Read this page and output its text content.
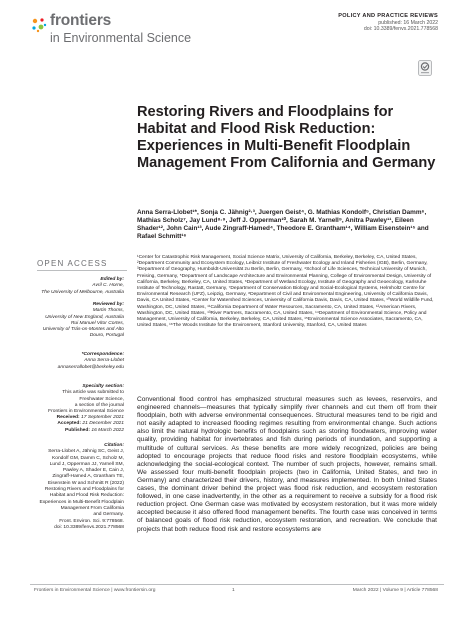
frontiers
in Environmental Science
POLICY AND PRACTICE REVIEWS
published: 16 March 2022
doi: 10.3389/fenvs.2021.778568
Restoring Rivers and Floodplains for Habitat and Flood Risk Reduction: Experiences in Multi-Benefit Floodplain Management From California and Germany
Anna Serra-Llobet¹*, Sonja C. Jähnig²·³, Juergen Geist⁴, G. Mathias Kondolf⁵, Christian Damm⁶, Mathias Scholz⁷, Jay Lund⁸·⁹, Jeff J. Opperman¹⁰, Sarah M. Yarnell⁹, Anitra Pawley¹¹, Eileen Shader¹², John Cain¹³, Aude Zingraff-Hamed⁴, Theodore E. Grantham¹⁴, William Eisenstein¹⁵ and Rafael Schmitt¹⁶
¹Center for Catastrophic Risk Management, Social Science Matrix, University of California, Berkeley, Berkeley, CA, United States, ²Department Community and Ecosystem Ecology, Leibniz Institute of Freshwater Ecology and Inland Fisheries (IGB), Berlin, Germany, ³Department of Geography, Humboldt-Universität zu Berlin, Berlin, Germany, ⁴School of Life Sciences, Technical University of Munich, Freising, Germany, ⁵Department of Landscape Architecture and Environmental Planning, College of Environmental Design, University of California, Berkeley, Berkeley, CA, United States, ⁶Department of Wetland Ecology, Institute of Geography and Geoecology, Karlsruhe Institute of Technology, Rastatt, Germany, ⁷Department of Conservation Biology and Social-Ecological Systems, Helmholtz Centre for Environmental Research (UFZ), Leipzig, Germany, ⁸Department of Civil and Environmental Engineering, University of California Davis, Davis, CA United States, ⁹Center for Watershed Sciences, University of California Davis, Davis, CA, United States, ¹⁰World Wildlife Fund, Washington, DC, United States, ¹¹California Department of Water Resources, Sacramento, CA, United States, ¹²American Rivers, Washington, DC, United States, ¹³River Partners, Sacramento, CA, United States, ¹⁴Department of Environmental Science, Policy and Management, University of California, Berkeley, Berkeley, CA, United States, ¹⁵Environmental Science Associates, Sacramento, CA, United States, ¹⁶The Woods Institute for the Environment, Stanford University, Stanford, CA, United States
Conventional flood control has emphasized structural measures such as levees, reservoirs, and engineered channels—measures that typically simplify river channels and cut them off from their floodplain, both with adverse environmental consequences. Structural measures tend to be rigid and not easily adapted to increased flooding regimes resulting from environmental change. Such actions also limit the natural hydrologic benefits of floodplains such as storing floodwaters, improving water quality, providing habitat for invertebrates and fish during periods of inundation, and supporting a multitude of cultural services. As these benefits are more widely recognized, policies are being adopted to encourage projects that reduce flood risks and restore floodplain ecosystems, while acknowledging the social-ecological context. The number of such projects, however, remains small. We assessed four multi-benefit floodplain projects (two in California, United States, and two in Germany) and characterized their drivers, history, and measures implemented. In both United States cases, the dominant driver behind the project was flood risk reduction, and ecosystem restoration followed, in one case inadvertently, in the other as a requirement to receive a subsidy for a flood risk reduction project. One German case was motivated by ecosystem restoration, but it was more widely accepted because it also offered flood management benefits. The fourth case was conceived in terms of balanced goals of flood risk reduction, ecosystem restoration, and recreation. We conclude that projects that both reduce flood risk and restore ecosystems are
OPEN ACCESS
Edited by:
Avril C. Horne,
The University of Melbourne, Australia
Reviewed by:
Martin Thoms,
University of New England, Australia
Rui Manuel Vitor Cortes,
University of Trás-os-Montes and Alto
Douro, Portugal
*Correspondence:
Anna Serra-Llobet
annaserrallobet@berkeley.edu
Specialty section:
This article was submitted to
Freshwater Science,
a section of the journal
Frontiers in Environmental Science
Received: 17 September 2021
Accepted: 21 December 2021
Published: 16 March 2022
Citation:
Serra-Llobet A, Jähnig SC, Geist J,
Kondolf GM, Damm C, Scholz M,
Lund J, Opperman JJ, Yarnell SM,
Pawley A, Shader E, Cain J,
Zingraff-Hamed A, Grantham TE,
Eisenstein W and Schmitt R (2022)
Restoring Rivers and Floodplains for
Habitat and Flood Risk Reduction:
Experiences in Multi-Benefit Floodplain
Management From California
and Germany.
Front. Environ. Sci. 9:778568.
doi: 10.3389/fenvs.2021.778568
Frontiers in Environmental Science | www.frontiersin.org	1	March 2022 | Volume 9 | Article 778568
